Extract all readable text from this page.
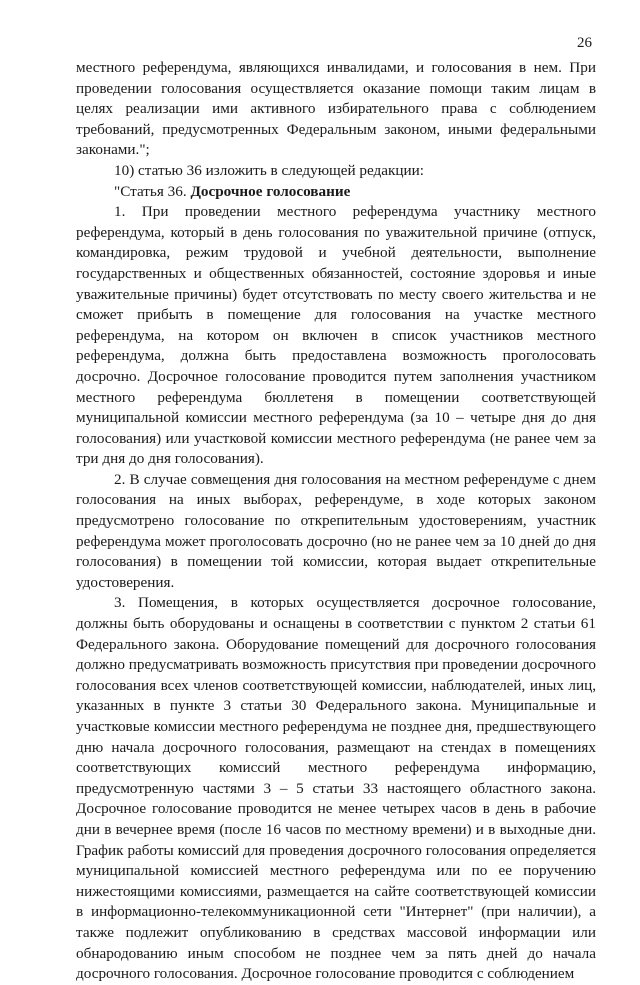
26

местного референдума, являющихся инвалидами, и голосования в нем. При проведении голосования осуществляется оказание помощи таким лицам в целях реализации ими активного избирательного права с соблюдением требований, предусмотренных Федеральным законом, иными федеральными законами.";

10) статью 36 изложить в следующей редакции:

"Статья 36. Досрочное голосование

1. При проведении местного референдума участнику местного референдума, который в день голосования по уважительной причине (отпуск, командировка, режим трудовой и учебной деятельности, выполнение государственных и общественных обязанностей, состояние здоровья и иные уважительные причины) будет отсутствовать по месту своего жительства и не сможет прибыть в помещение для голосования на участке местного референдума, на котором он включен в список участников местного референдума, должна быть предоставлена возможность проголосовать досрочно. Досрочное голосование проводится путем заполнения участником местного референдума бюллетеня в помещении соответствующей муниципальной комиссии местного референдума (за 10 – четыре дня до дня голосования) или участковой комиссии местного референдума (не ранее чем за три дня до дня голосования).

2. В случае совмещения дня голосования на местном референдуме с днем голосования на иных выборах, референдуме, в ходе которых законом предусмотрено голосование по открепительным удостоверениям, участник референдума может проголосовать досрочно (но не ранее чем за 10 дней до дня голосования) в помещении той комиссии, которая выдает открепительные удостоверения.

3. Помещения, в которых осуществляется досрочное голосование, должны быть оборудованы и оснащены в соответствии с пунктом 2 статьи 61 Федерального закона. Оборудование помещений для досрочного голосования должно предусматривать возможность присутствия при проведении досрочного голосования всех членов соответствующей комиссии, наблюдателей, иных лиц, указанных в пункте 3 статьи 30 Федерального закона. Муниципальные и участковые комиссии местного референдума не позднее дня, предшествующего дню начала досрочного голосования, размещают на стендах в помещениях соответствующих комиссий местного референдума информацию, предусмотренную частями 3 – 5 статьи 33 настоящего областного закона. Досрочное голосование проводится не менее четырех часов в день в рабочие дни в вечернее время (после 16 часов по местному времени) и в выходные дни. График работы комиссий для проведения досрочного голосования определяется муниципальной комиссией местного референдума или по ее поручению нижестоящими комиссиями, размещается на сайте соответствующей комиссии в информационно-телекоммуникационной сети "Интернет" (при наличии), а также подлежит опубликованию в средствах массовой информации или обнародованию иным способом не позднее чем за пять дней до начала досрочного голосования. Досрочное голосование проводится с соблюдением
